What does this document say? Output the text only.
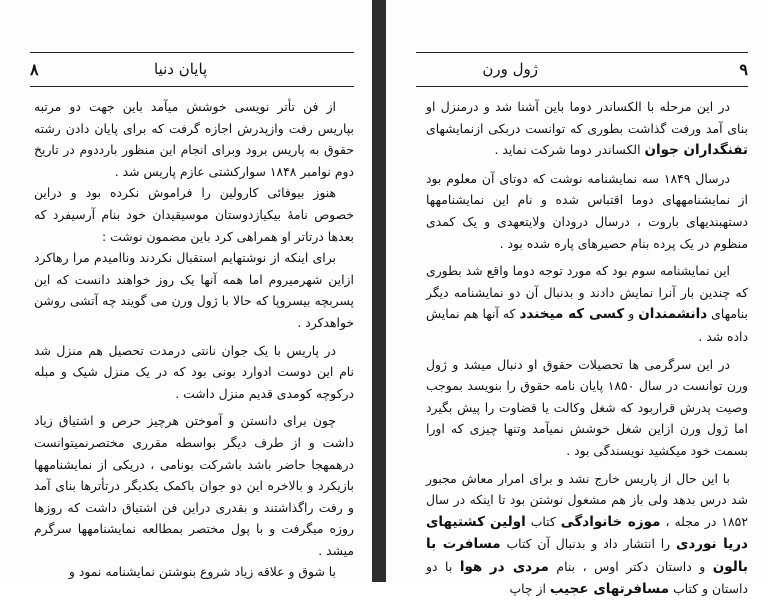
۸	پایان دنیا

از فن تأتر نویسی خوشش میآمد باین جهت دو مرتبه بپاریس رفت وازپدرش اجازه گرفت که برای پایان دادن رشته حقوق به پاریس برود وبرای انجام این منظور بارددوم در تاریخ دوم نوامبر ۱۸۴۸ سوارکشتی عازم پاریس شد .

هنوز بیوفائی کارولین را فراموش نکرده بود و دراین خصوص نامهٔ بیکیازدوستان موسیقیدان خود بنام آرسیفرد که بعدها درتاتر او همراهی کرد باین مضمون نوشت :

برای اینکه از نوشتهایم استقبال نکردند وناامیدم مرا رهاکرد ازاین شهرمیروم اما همه آنها یک روز خواهند دانست که این پسربچه بیسروپا که حالا با ژول ورن می گویند چه آتشی روشن خواهدکرد .

در پاریس با یک جوان نانتی درمدت تحصیل هم منزل شد نام این دوست ادوارد بونی بود که در یک منزل شیک و مبله درکوچه کومدی قدیم منزل داشت .

چون برای دانستن و آموختن هرچیز حرص و اشتیاق زیاد داشت و از طرف دیگر بواسطه مقرری مختصرنمیتوانست درهمهجا حاضر باشد باشرکت بونامی ، دریکی از نمایشنامهها بازیکرد و بالاخره این دو جوان باکمک یکدیگر درتأترها بنای آمد و رفت راگذاشتند و بقدری دراین فن اشتیاق داشت که روزها روزه میگرفت و با پول مختصر بمطالعه نمایشنامهها سرگرم میشد .

با شوق و علاقه زیاد شروع بنوشتن نمایشنامه نمود و

۹
ژول ورن

در این مرحله با الکساندر دوما باین آشنا شد و درمنزل او بنای آمد ورفت گذاشت بطوری که توانست دربکی ازنمایشهای تفنگداران جوان الکساندر دوما شرکت نماید .

درسال ۱۸۴۹ سه نمایشنامه نوشت که دوتای آن معلوم بود از نمایشنامههای دوما اقتباس شده و نام این نمایشنامهها دستهبندیهای باروت ، درسال درودان ولایتعهدی و یک کمدی منظوم در یک پرده بنام حصیرهای پاره شده بود .

این نمایشنامه سوم بود که مورد توجه دوما واقع شد بطوری که چندین بار آنرا نمایش دادند و بدنبال آن دو نمایشنامه دیگر بنامهای دانشمندان و کسی که میخندد که آنها هم نمایش داده شد .

در این سرگرمی ها تحصیلات حقوق او دنبال میشد و ژول ورن توانست در سال ۱۸۵۰ پایان نامه حقوق را بنویسد بموجب وصیت پدرش قراربود که شغل وکالت یا قضاوت را پیش بگیرد اما ژول ورن ازاین شغل خوشش نمیآمد وتنها چیزی که اورا بسمت خود میکشید نویسندگی بود .

با این حال از پاریس خارج نشد و برای امرار معاش مجبور شد درس بدهد ولی باز هم مشغول نوشتن بود تا اینکه در سال ۱۸۵۲ در مجله ، موزه خانوادگی کتاب اولین کشتیهای دریا نوردی را انتشار داد و بدنبال آن کتاب مسافرت با بالون و داستان دکتر اوس ، بنام مردی در هوا با دو داستان و کتاب مسافرتهای عجیب از چاپ
